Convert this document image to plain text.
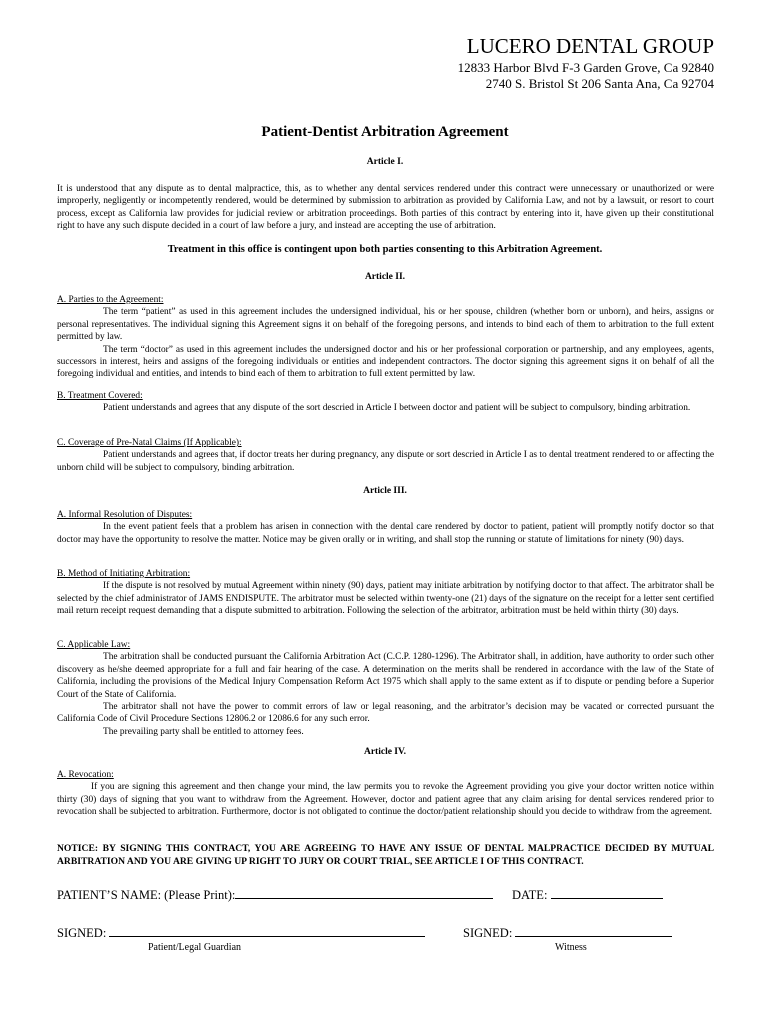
LUCERO DENTAL GROUP
12833 Harbor Blvd F-3 Garden Grove, Ca 92840
2740 S. Bristol St 206 Santa Ana, Ca 92704
Patient-Dentist Arbitration Agreement
Article I.

It is understood that any dispute as to dental malpractice, this, as to whether any dental services rendered under this contract were unnecessary or unauthorized or were improperly, negligently or incompetently rendered, would be determined by submission to arbitration as provided by California Law, and not by a lawsuit, or resort to court process, except as California law provides for judicial review or arbitration proceedings. Both parties of this contract by entering into it, have given up their constitutional right to have any such dispute decided in a court of law before a jury, and instead are accepting the use of arbitration.

Treatment in this office is contingent upon both parties consenting to this Arbitration Agreement.
Article II.

A. Parties to the Agreement:

The term “patient” as used in this agreement includes the undersigned individual, his or her spouse, children (whether born or unborn), and heirs, assigns or personal representatives. The individual signing this Agreement signs it on behalf of the foregoing persons, and intends to bind each of them to arbitration to the full extent permitted by law.

The term “doctor” as used in this agreement includes the undersigned doctor and his or her professional corporation or partnership, and any employees, agents, successors in interest, heirs and assigns of the foregoing individuals or entities and independent contractors. The doctor signing this agreement signs it on behalf of all the foregoing individual and entities, and intends to bind each of them to arbitration to full extent permitted by law.

B. Treatment Covered:

Patient understands and agrees that any dispute of the sort descried in Article I between doctor and patient will be subject to compulsory, binding arbitration.

C. Coverage of Pre-Natal Claims (If Applicable):

Patient understands and agrees that, if doctor treats her during pregnancy, any dispute or sort descried in Article I as to dental treatment rendered to or affecting the unborn child will be subject to compulsory, binding arbitration.

Article III.

A. Informal Resolution of Disputes:

In the event patient feels that a problem has arisen in connection with the dental care rendered by doctor to patient, patient will promptly notify doctor so that doctor may have the opportunity to resolve the matter. Notice may be given orally or in writing, and shall stop the running or statute of limitations for ninety (90) days.

B. Method of Initiating Arbitration:

If the dispute is not resolved by mutual Agreement within ninety (90) days, patient may initiate arbitration by notifying doctor to that affect. The arbitrator shall be selected by the chief administrator of JAMS ENDISPUTE. The arbitrator must be selected within twenty-one (21) days of the signature on the receipt for a letter sent certified mail return receipt request demanding that a dispute submitted to arbitration. Following the selection of the arbitrator, arbitration must be held within thirty (30) days.

C. Applicable Law:

The arbitration shall be conducted pursuant the California Arbitration Act (C.C.P. 1280-1296). The Arbitrator shall, in addition, have authority to order such other discovery as he/she deemed appropriate for a full and fair hearing of the case. A determination on the merits shall be rendered in accordance with the law of the State of California, including the provisions of the Medical Injury Compensation Reform Act 1975 which shall apply to the same extent as if to dispute or pending before a Superior Court of the State of California.

The arbitrator shall not have the power to commit errors of law or legal reasoning, and the arbitrator’s decision may be vacated or corrected pursuant the California Code of Civil Procedure Sections 12806.2 or 12086.6 for any such error.

The prevailing party shall be entitled to attorney fees.

Article IV.

A. Revocation:

If you are signing this agreement and then change your mind, the law permits you to revoke the Agreement providing you give your doctor written notice within thirty (30) days of signing that you want to withdraw from the Agreement. However, doctor and patient agree that any claim arising for dental services rendered prior to revocation shall be subjected to arbitration. Furthermore, doctor is not obligated to continue the doctor/patient relationship should you decide to withdraw from the agreement.

NOTICE: BY SIGNING THIS CONTRACT, YOU ARE AGREEING TO HAVE ANY ISSUE OF DENTAL MALPRACTICE DECIDED BY MUTUAL ARBITRATION AND YOU ARE GIVING UP RIGHT TO JURY OR COURT TRIAL, SEE ARTICLE I OF THIS CONTRACT.
PATIENT’S NAME: (Please Print):	DATE:
SIGNED:	SIGNED:
Patient/Legal Guardian	Witness
